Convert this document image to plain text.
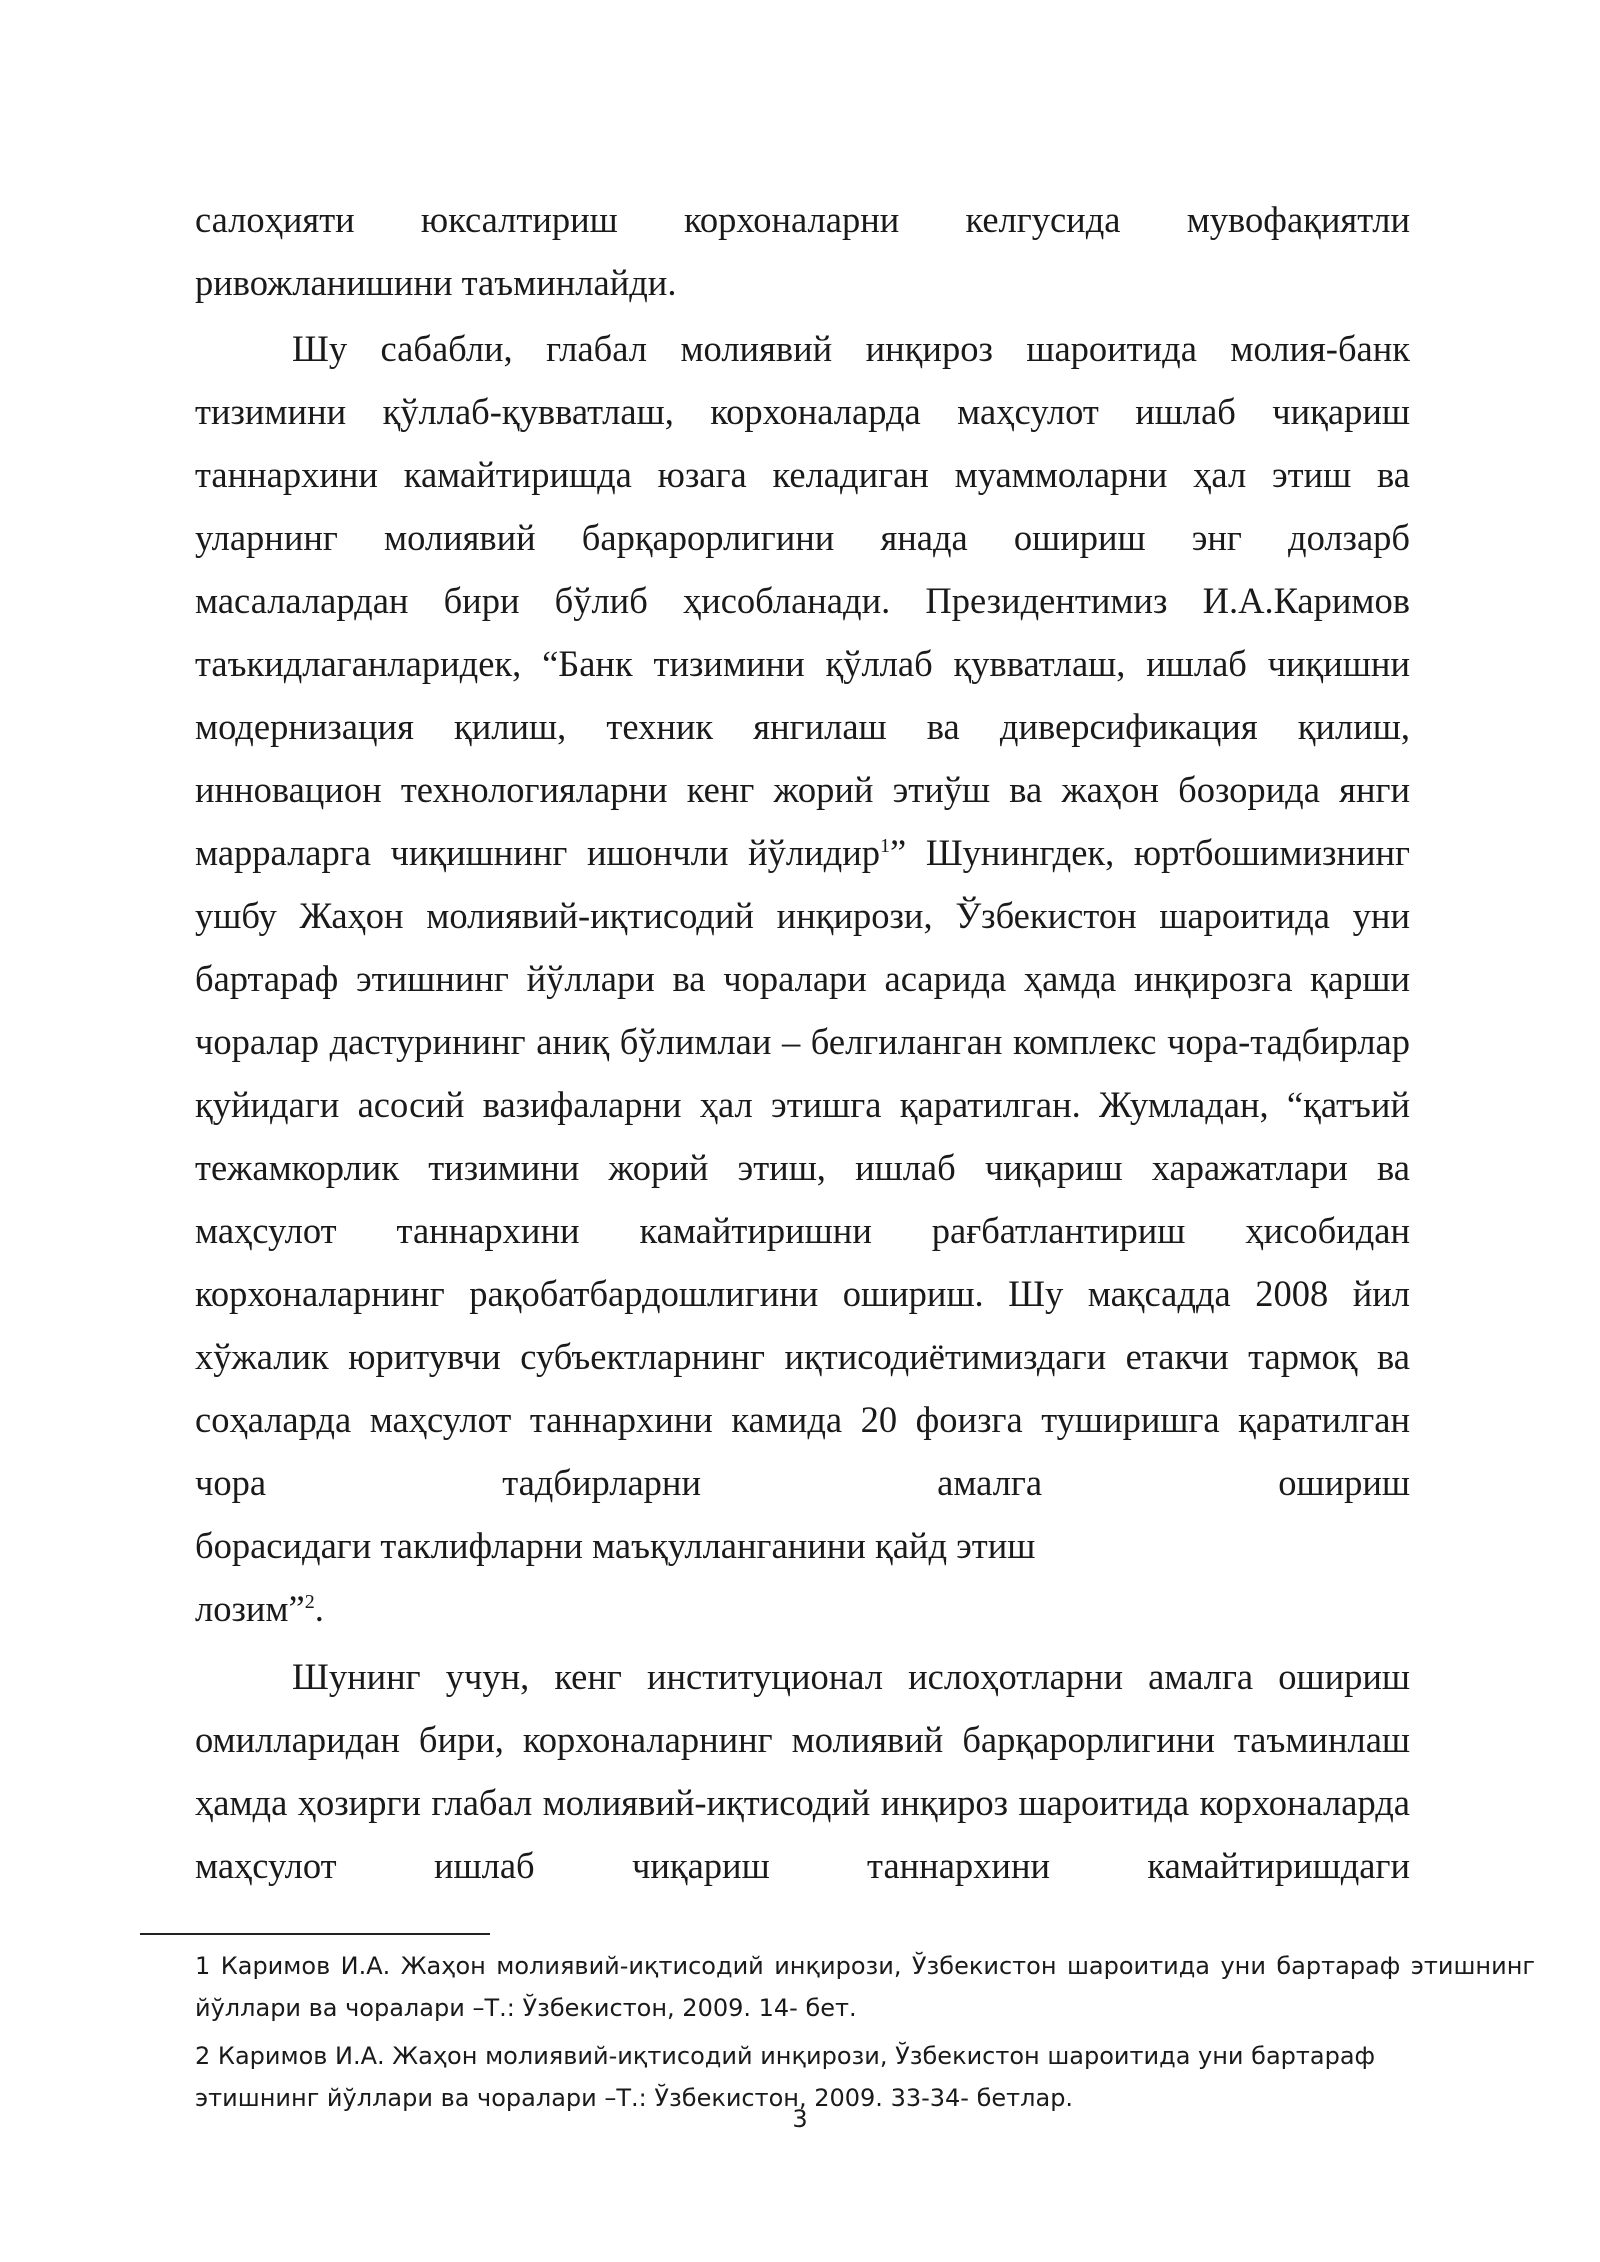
салоҳияти юксалтириш корхоналарни келгусида мувофақиятли
ривожланишини таъминлайди.

Шу сабабли, глабал молиявий инқироз шароитида молия-банк тизимини қўллаб-қувватлаш, корхоналарда маҳсулот ишлаб чиқариш таннархини камайтиришда юзага келадиган муаммоларни ҳал этиш ва уларнинг молиявий барқарорлигини янада ошириш энг долзарб масалалардан бири бўлиб ҳисобланади. Президентимиз И.А.Каримов таъкидлаганларидек, “Банк тизимини қўллаб қувватлаш, ишлаб чиқишни модернизация қилиш, техник янгилаш ва диверсификация қилиш, инновацион технологияларни кенг жорий этиўш ва жаҳон бозорида янги марраларга чиқишнинг ишончли йўлидир$^1$” Шунингдек, юртбошимизнинг ушбу Жаҳон молиявий-иқтисодий инқирози, Ўзбекистон шароитида уни бартараф этишнинг йўллари ва чоралари асарида ҳамда инқирозга қарши чоралар дастурининг аниқ бўлимлаи – белгиланган комплекс чора-тадбирлар қуйидаги асосий вазифаларни ҳал этишга қаратилган. Жумладан, “қатъий тежамкорлик тизимини жорий этиш, ишлаб чиқариш харажатлари ва маҳсулот таннархини камайтиришни рағбатлантириш ҳисобидан корхоналарнинг рақобатбардошлигини ошириш. Шу мақсадда 2008 йил хўжалик юритувчи субъектларнинг иқтисодиётимиздаги етакчи тармоқ ва соҳаларда маҳсулот таннархини камида 20 фоизга туширишга қаратилган чора тадбирларни амалга ошириш

борасидаги таклифларни маъқулланганини қайд этиш
лозим”$^2$.

Шунинг учун, кенг институционал ислоҳотларни амалга ошириш омилларидан бири, корхоналарнинг молиявий барқарорлигини таъминлаш ҳамда ҳозирги глабал молиявий-иқтисодий инқироз шароитида корхоналарда маҳсулот ишлаб чиқариш таннархини камайтиришдаги

1 Каримов И.А. Жаҳон молиявий-иқтисодий инқирози, Ўзбекистон шароитида уни бартараф этишнинг йўллари ва чоралари –Т.: Ўзбекистон, 2009. 14- бет.

2 Каримов И.А. Жаҳон молиявий-иқтисодий инқирози, Ўзбекистон шароитида уни бартараф этишнинг йўллари ва чоралари –Т.: Ўзбекистон, 2009. 33-34- бетлар.

3
